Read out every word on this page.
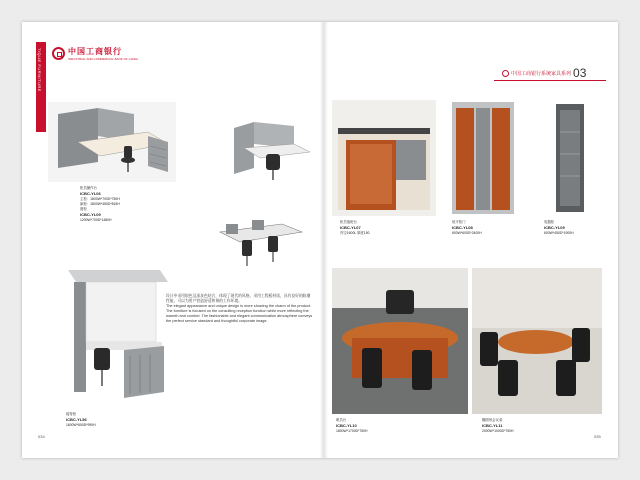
TIQUE FURNITURE	中国工商银行
INDUSTRIAL AND COMMERCIAL BANK OF CHINA
中国工商银行系统家具系列 03
柜员操作台
ICBC-YL06
主柜：1800W*700D*750H
副柜：1800W*450D*815H
窗柜
ICBC-YL09
1200W*700D*1480H
接待柜
ICBC-YL56
1600W*600D*990H
设计中采用银色及深灰色结合，体现了现代的风格。采用工程板材质，具有良好的防潮性能，可以为用户营造舒适和谐的工作环境。
The elegant appearance and unique design is more showing the charm of the product. The furniture is focused on the consulting reception function while more reflecting the warmth and comfort. The fashionable and elegant communication atmosphere conveys the perfect service standard and thoughtful corporate image.
柜员值班台
ICBC-YL07
内空1600L 厚度150
低平柜门
ICBC-YL08
600W*600D*2400H
电器柜
ICBC-YL09
600W*450D*1900H
职员台
ICBC-YL10
1800W*1700D*750H
椭圆形会议桌
ICBC-YL11
2000W*1000D*750H
034	035
